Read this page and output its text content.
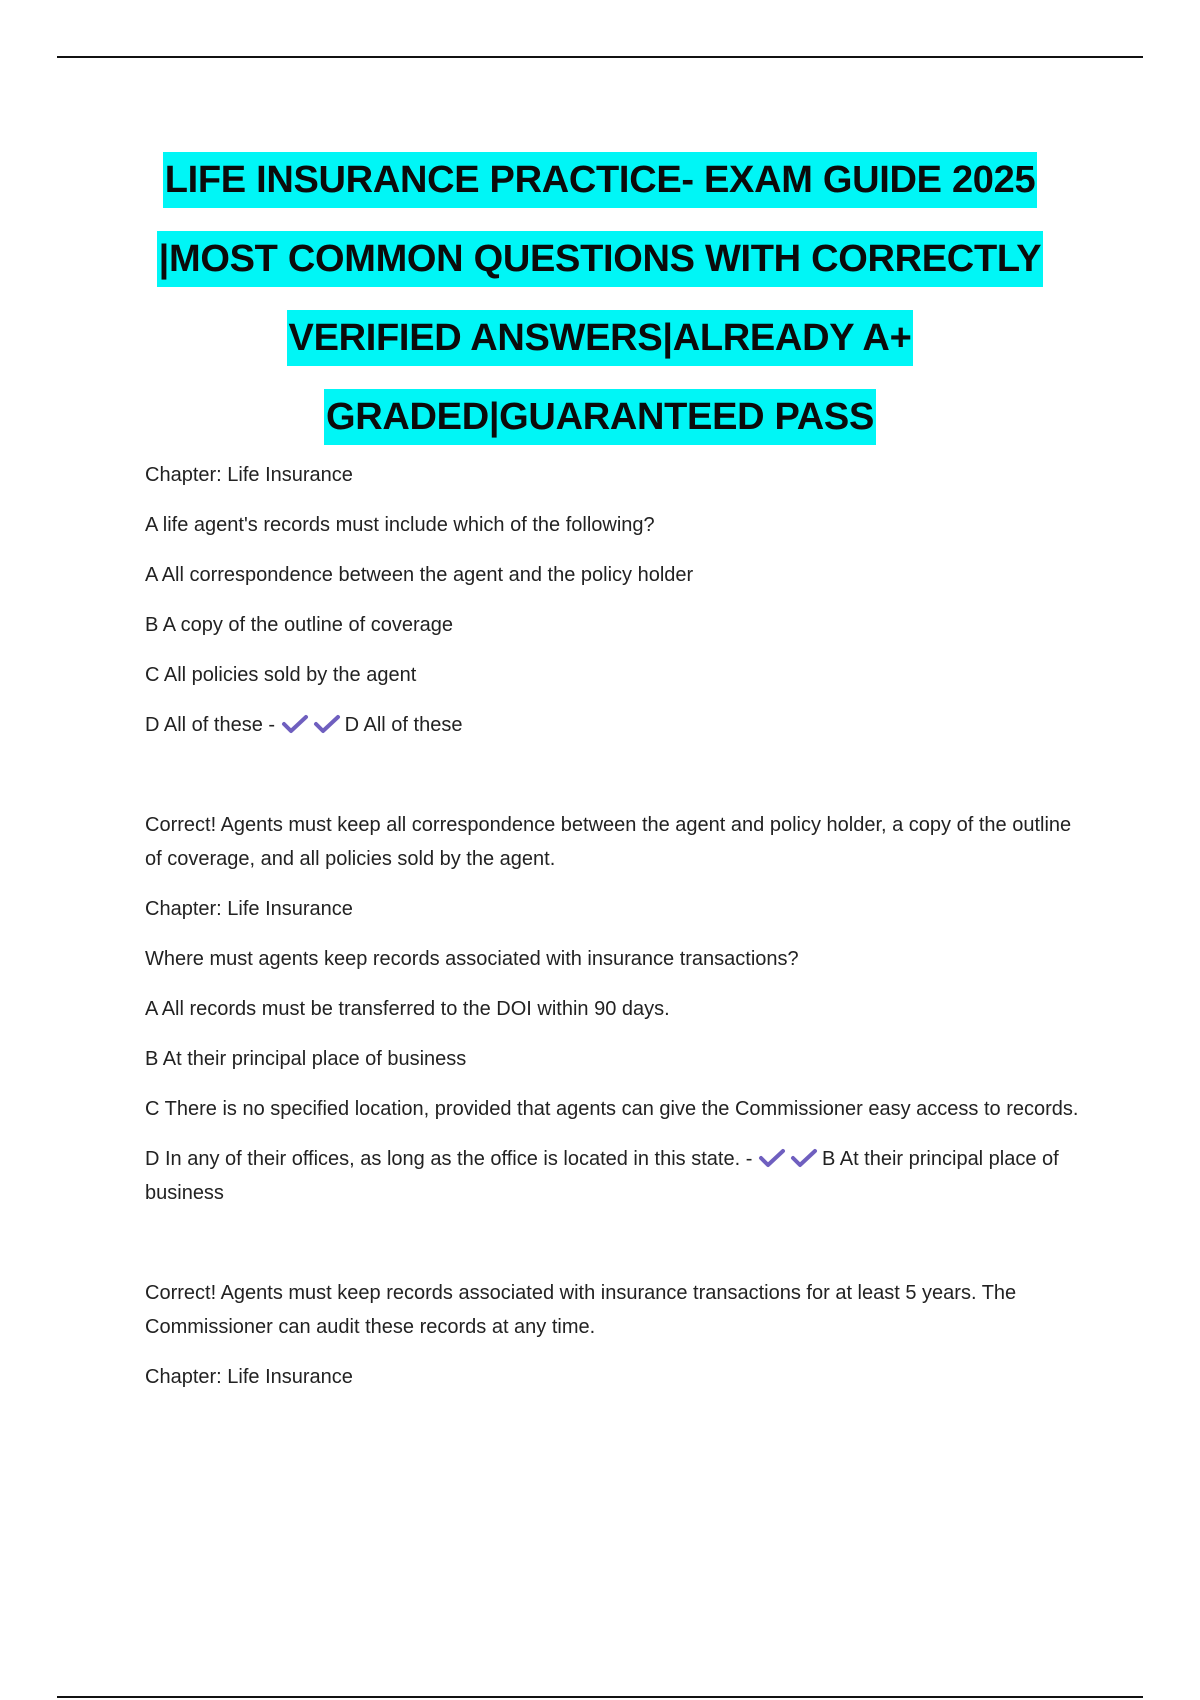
LIFE INSURANCE PRACTICE- EXAM GUIDE 2025
|MOST COMMON QUESTIONS WITH CORRECTLY
VERIFIED ANSWERS|ALREADY A+
GRADED|GUARANTEED PASS

Chapter: Life Insurance

A life agent's records must include which of the following?

A All correspondence between the agent and the policy holder

B A copy of the outline of coverage

C All policies sold by the agent

D All of these -	D All of these

Correct! Agents must keep all correspondence between the agent and policy holder, a copy of the outline of coverage, and all policies sold by the agent.

Chapter: Life Insurance

Where must agents keep records associated with insurance transactions?

A All records must be transferred to the DOI within 90 days.

B At their principal place of business

C There is no specified location, provided that agents can give the Commissioner easy access to records.

D In any of their offices, as long as the office is located in this state. -	B At their principal place of business

Correct! Agents must keep records associated with insurance transactions for at least 5 years. The Commissioner can audit these records at any time.

Chapter: Life Insurance
